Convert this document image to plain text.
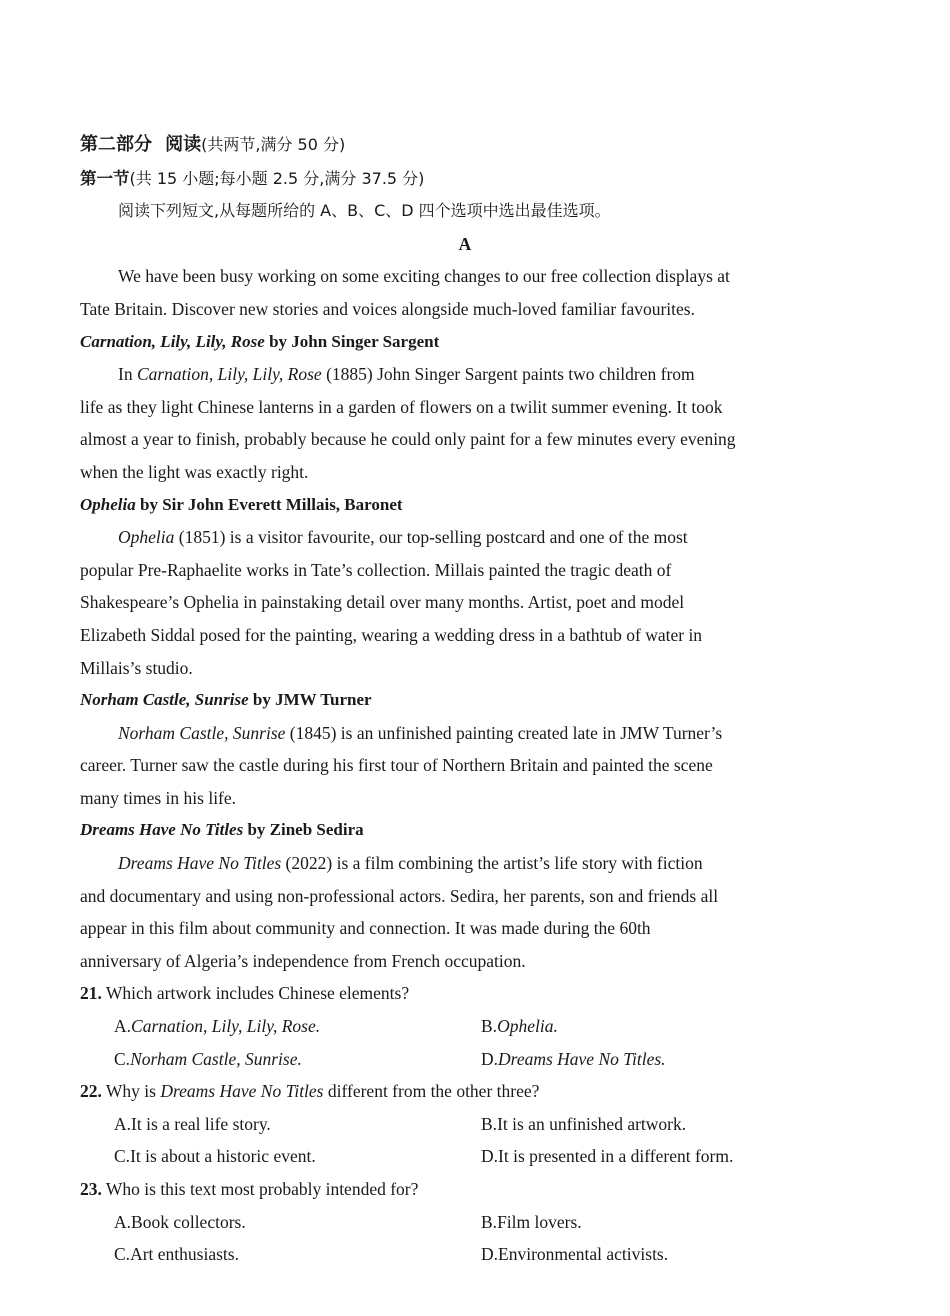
第二部分 阅读(共两节,满分 50 分)
第一节(共 15 小题;每小题 2.5 分,满分 37.5 分)
阅读下列短文,从每题所给的 A、B、C、D 四个选项中选出最佳选项。
A
We have been busy working on some exciting changes to our free collection displays at
Tate Britain. Discover new stories and voices alongside much-loved familiar favourites.
Carnation, Lily, Lily, Rose by John Singer Sargent
In Carnation, Lily, Lily, Rose (1885) John Singer Sargent paints two children from
life as they light Chinese lanterns in a garden of flowers on a twilit summer evening. It took
almost a year to finish, probably because he could only paint for a few minutes every evening
when the light was exactly right.
Ophelia by Sir John Everett Millais, Baronet
Ophelia (1851) is a visitor favourite, our top-selling postcard and one of the most
popular Pre-Raphaelite works in Tate’s collection. Millais painted the tragic death of
Shakespeare’s Ophelia in painstaking detail over many months. Artist, poet and model
Elizabeth Siddal posed for the painting, wearing a wedding dress in a bathtub of water in
Millais’s studio.
Norham Castle, Sunrise by JMW Turner
Norham Castle, Sunrise (1845) is an unfinished painting created late in JMW Turner’s
career. Turner saw the castle during his first tour of Northern Britain and painted the scene
many times in his life.
Dreams Have No Titles by Zineb Sedira
Dreams Have No Titles (2022) is a film combining the artist’s life story with fiction
and documentary and using non-professional actors. Sedira, her parents, son and friends all
appear in this film about community and connection. It was made during the 60th
anniversary of Algeria’s independence from French occupation.
21. Which artwork includes Chinese elements?
A.Carnation, Lily, Lily, Rose.	B.Ophelia.
C.Norham Castle, Sunrise.	D.Dreams Have No Titles.
22. Why is Dreams Have No Titles different from the other three?
A.It is a real life story.	B.It is an unfinished artwork.
C.It is about a historic event.	D.It is presented in a different form.
23. Who is this text most probably intended for?
A.Book collectors.	B.Film lovers.
C.Art enthusiasts.	D.Environmental activists.
